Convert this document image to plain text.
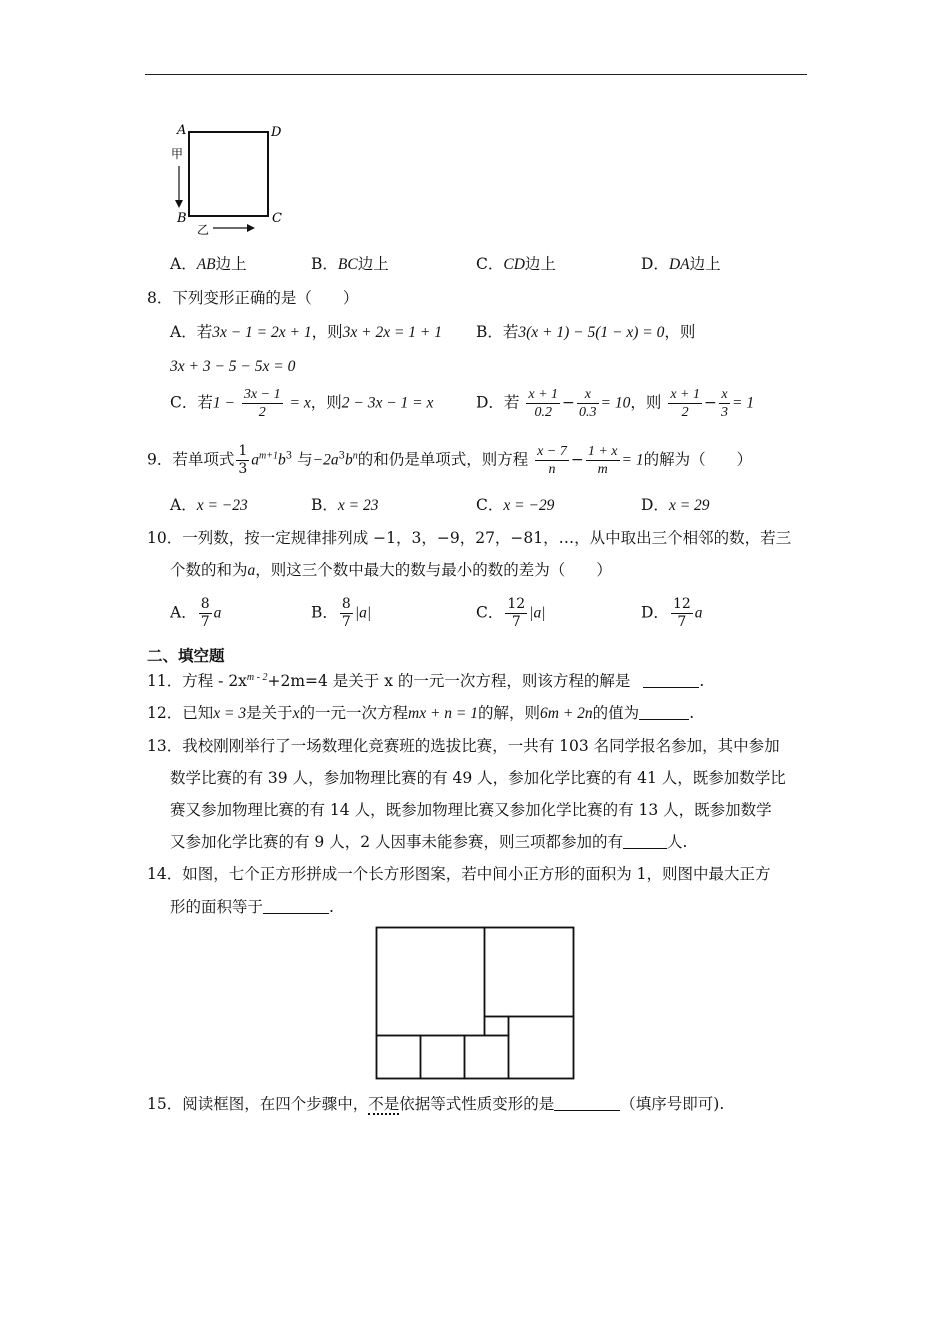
A	D
B	C
甲
乙
A．AB边上	B．BC边上	C．CD边上	D．DA边上
8．下列变形正确的是（　　）
A．若3x − 1 = 2x + 1，则3x + 2x = 1 + 1 B．若3(x + 1) − 5(1 − x) = 0，则
3x + 3 − 5 − 5x = 0
C．若$1 - \frac{3x - 1}{2} = x$，则2 − 3x − 1 = x	D．若 $\frac{x + 1}{0.2} - \frac{x}{0.3} = 10$，则 $\frac{x + 1}{2} - \frac{x}{3} = 1$
9．若单项式 $\frac{1}{3} a^{m+1}b^3$ 与$-2a^3b^n$的和仍是单项式，则方程 $\frac{x - 7}{n} - \frac{1 + x}{m} = 1$的解为（　　）
A．x = −23	B．x = 23	C．x = −29	D．x = 29
10．一列数，按一定规律排列成 −1，3，−9，27，−81，…，从中取出三个相邻的数，若三
个数的和为a，则这三个数中最大的数与最小的数的差为（　　）
A． $\frac{8}{7}$ a	B． $\frac{8}{7} |a|$	C． $\frac{12}{7} |a|$	D． $\frac{12}{7}$ a
二、填空题
11．方程 - $2x^{m - 2}+2m=4$ 是关于 x 的一元一次方程，则该方程的解是	.
12．已知x = 3是关于x的一元一次方程mx + n = 1的解，则6m + 2n的值为	.
13．我校刚刚举行了一场数理化竞赛班的选拔比赛，一共有 103 名同学报名参加，其中参加
数学比赛的有 39 人，参加物理比赛的有 49 人，参加化学比赛的有 41 人，既参加数学比
赛又参加物理比赛的有 14 人，既参加物理比赛又参加化学比赛的有 13 人，既参加数学
又参加化学比赛的有 9 人，2 人因事未能参赛，则三项都参加的有	人.
14．如图，七个正方形拼成一个长方形图案，若中间小正方形的面积为 1，则图中最大正方
形的面积等于	.
15．阅读框图，在四个步骤中，不是依据等式性质变形的是	（填序号即可).
